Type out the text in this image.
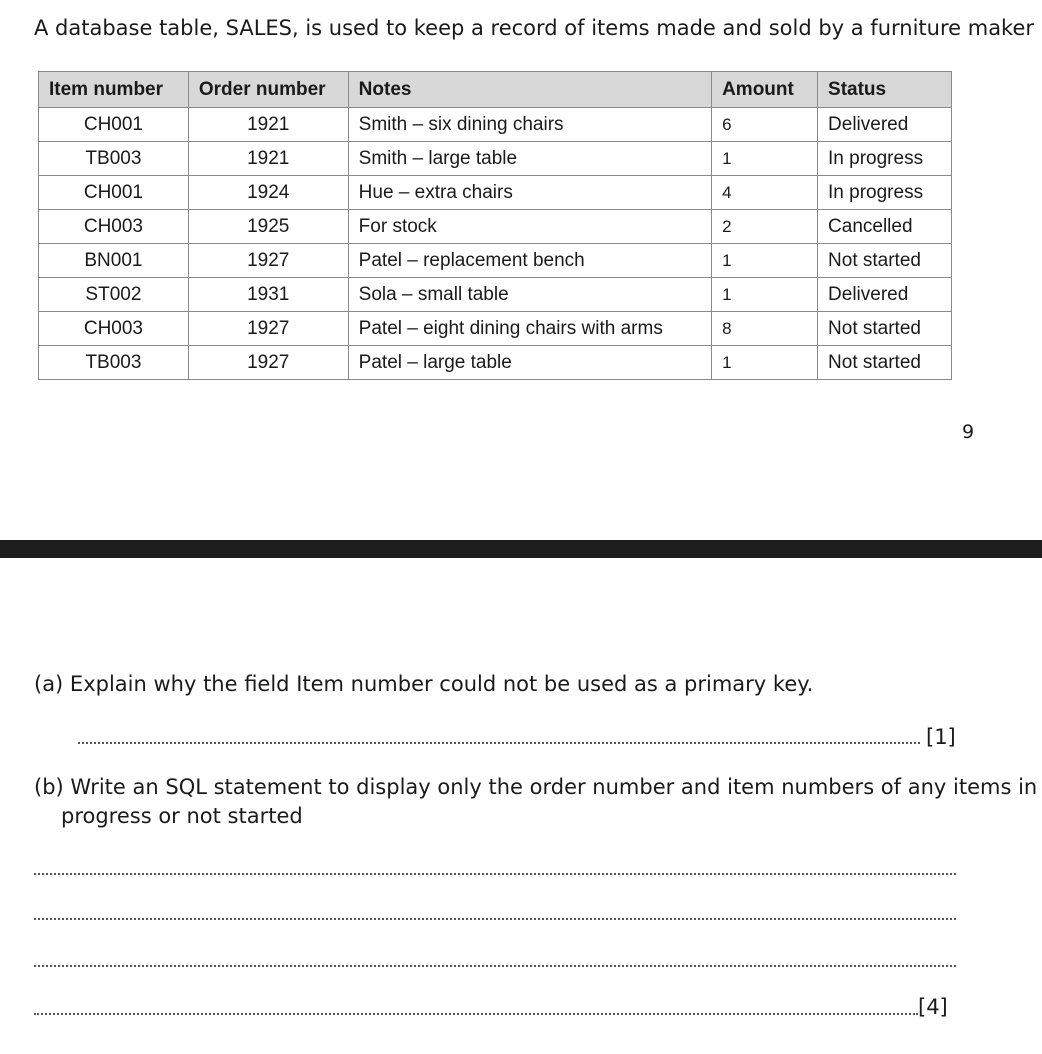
A database table, SALES, is used to keep a record of items made and sold by a furniture maker
Item number	Order number	Notes	Amount	Status
CH001	1921	Smith – six dining chairs	6	Delivered
TB003	1921	Smith – large table	1	In progress
CH001	1924	Hue – extra chairs	4	In progress
CH003	1925	For stock	2	Cancelled
BN001	1927	Patel – replacement bench	1	Not started
ST002	1931	Sola – small table	1	Delivered
CH003	1927	Patel – eight dining chairs with arms	8	Not started
TB003	1927	Patel – large table	1	Not started
9
(a) Explain why the field Item number could not be used as a primary key.
[1]
(b) Write an SQL statement to display only the order number and item numbers of any items in
progress or not started
[4]
